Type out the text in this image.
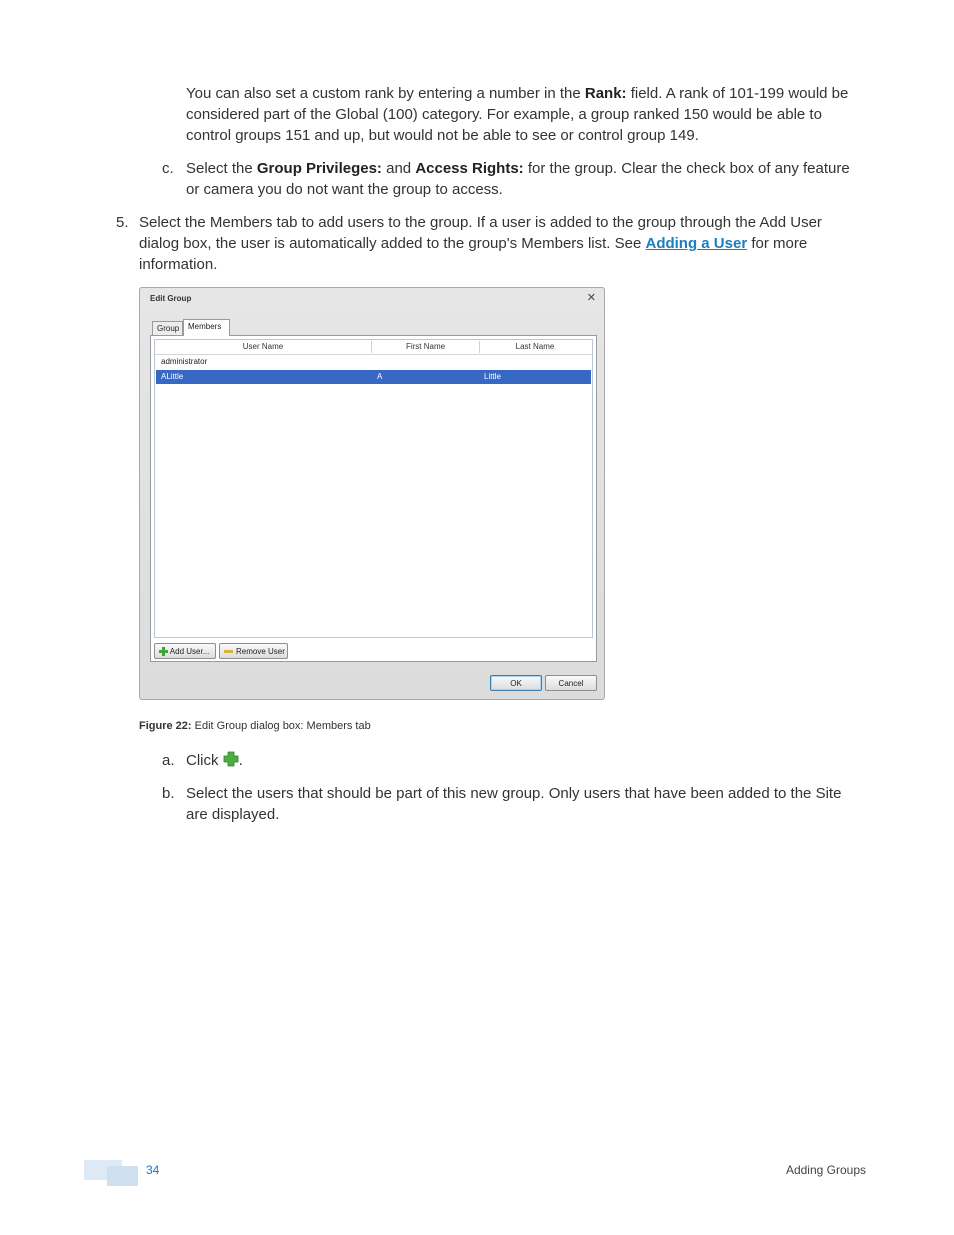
You can also set a custom rank by entering a number in the Rank: field. A rank of 101-199 would be considered part of the Global (100) category. For example, a group ranked 150 would be able to control groups 151 and up, but would not be able to see or control group 149.
c. Select the Group Privileges: and Access Rights: for the group. Clear the check box of any feature or camera you do not want the group to access.
5. Select the Members tab to add users to the group. If a user is added to the group through the Add User dialog box, the user is automatically added to the group's Members list. See Adding a User for more information.
Edit Group	✕
Group	Members
User Name	First Name	Last Name
administrator
ALittle	A	Little
Add User...	Remove User
OK	Cancel
Figure 22: Edit Group dialog box: Members tab
a. Click .
b. Select the users that should be part of this new group. Only users that have been added to the Site are displayed.
34	Adding Groups
